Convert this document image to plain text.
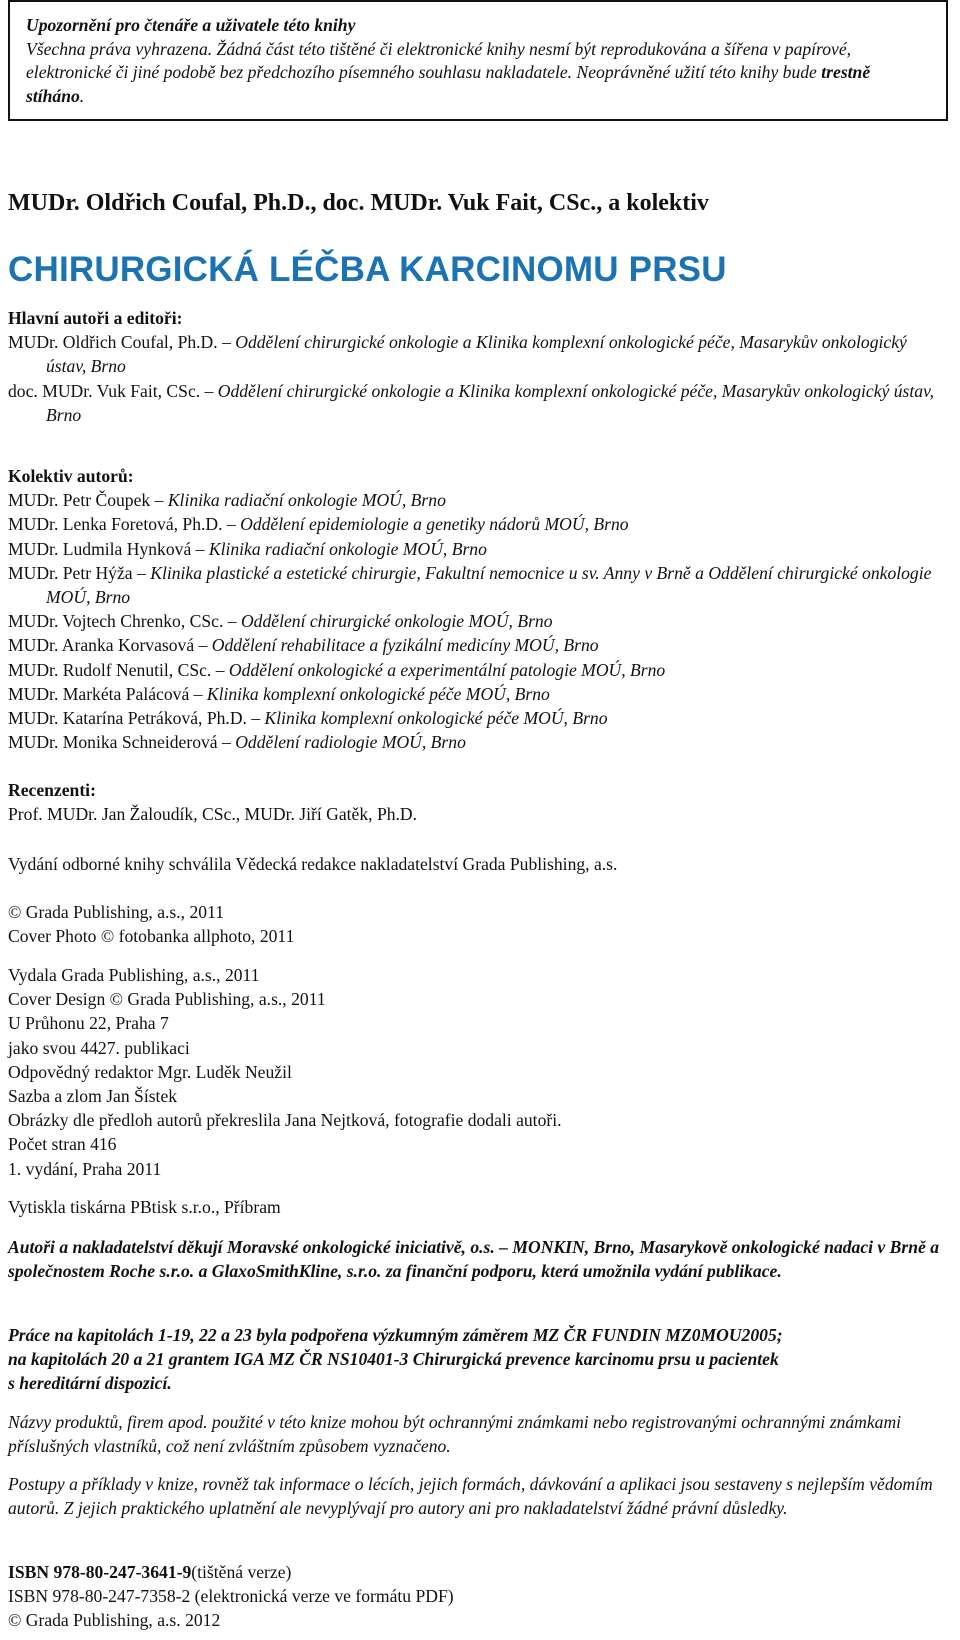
Upozornění pro čtenáře a uživatele této knihy
Všechna práva vyhrazena. Žádná část této tištěné či elektronické knihy nesmí být reprodukována a šířena v papírové, elektronické či jiné podobě bez předchozího písemného souhlasu nakladatele. Neoprávněné užití této knihy bude trestně stíháno.
MUDr. Oldřich Coufal, Ph.D., doc. MUDr. Vuk Fait, CSc., a kolektiv
CHIRURGICKÁ LÉČBA KARCINOMU PRSU
Hlavní autoři a editoři:
MUDr. Oldřich Coufal, Ph.D. – Oddělení chirurgické onkologie a Klinika komplexní onkologické péče, Masarykův onkologický ústav, Brno
doc. MUDr. Vuk Fait, CSc. – Oddělení chirurgické onkologie a Klinika komplexní onkologické péče, Masarykův onkologický ústav, Brno
Kolektiv autorů:
MUDr. Petr Čoupek – Klinika radiační onkologie MOÚ, Brno
MUDr. Lenka Foretová, Ph.D. – Oddělení epidemiologie a genetiky nádorů MOÚ, Brno
MUDr. Ludmila Hynková – Klinika radiační onkologie MOÚ, Brno
MUDr. Petr Hýža – Klinika plastické a estetické chirurgie, Fakultní nemocnice u sv. Anny v Brně a Oddělení chirurgické onkologie MOÚ, Brno
MUDr. Vojtech Chrenko, CSc. – Oddělení chirurgické onkologie MOÚ, Brno
MUDr. Aranka Korvasová – Oddělení rehabilitace a fyzikální medicíny MOÚ, Brno
MUDr. Rudolf Nenutil, CSc. – Oddělení onkologické a experimentální patologie MOÚ, Brno
MUDr. Markéta Palácová – Klinika komplexní onkologické péče MOÚ, Brno
MUDr. Katarína Petráková, Ph.D. – Klinika komplexní onkologické péče MOÚ, Brno
MUDr. Monika Schneiderová – Oddělení radiologie MOÚ, Brno
Recenzenti:
Prof. MUDr. Jan Žaloudík, CSc., MUDr. Jiří Gatěk, Ph.D.
Vydání odborné knihy schválila Vědecká redakce nakladatelství Grada Publishing, a.s.
© Grada Publishing, a.s., 2011
Cover Photo © fotobanka allphoto, 2011
Vydala Grada Publishing, a.s., 2011
Cover Design © Grada Publishing, a.s., 2011
U Průhonu 22, Praha 7
jako svou 4427. publikaci
Odpovědný redaktor Mgr. Luděk Neužil
Sazba a zlom Jan Šístek
Obrázky dle předloh autorů překreslila Jana Nejtková, fotografie dodali autoři.
Počet stran 416
1. vydání, Praha 2011
Vytiskla tiskárna PBtisk s.r.o., Příbram
Autoři a nakladatelství děkují Moravské onkologické iniciativě, o.s. – MONKIN, Brno, Masarykově onkologické nadaci v Brně a společnostem Roche s.r.o. a GlaxoSmithKline, s.r.o. za finanční podporu, která umožnila vydání publikace.
Práce na kapitolách 1-19, 22 a 23 byla podpořena výzkumným záměrem MZ ČR FUNDIN MZ0MOU2005;
na kapitolách 20 a 21 grantem IGA MZ ČR NS10401-3 Chirurgická prevence karcinomu prsu u pacientek
s hereditární dispozicí.
Názvy produktů, firem apod. použité v této knize mohou být ochrannými známkami nebo registrovanými ochrannými známkami příslušných vlastníků, což není zvláštním způsobem vyznačeno.
Postupy a příklady v knize, rovněž tak informace o lécích, jejich formách, dávkování a aplikaci jsou sestaveny s nejlepším vědomím autorů. Z jejich praktického uplatnění ale nevyplývají pro autory ani pro nakladatelství žádné právní důsledky.
ISBN 978-80-247-3641-9(tištěná verze)
ISBN 978-80-247-7358-2 (elektronická verze ve formátu PDF)
© Grada Publishing, a.s. 2012
